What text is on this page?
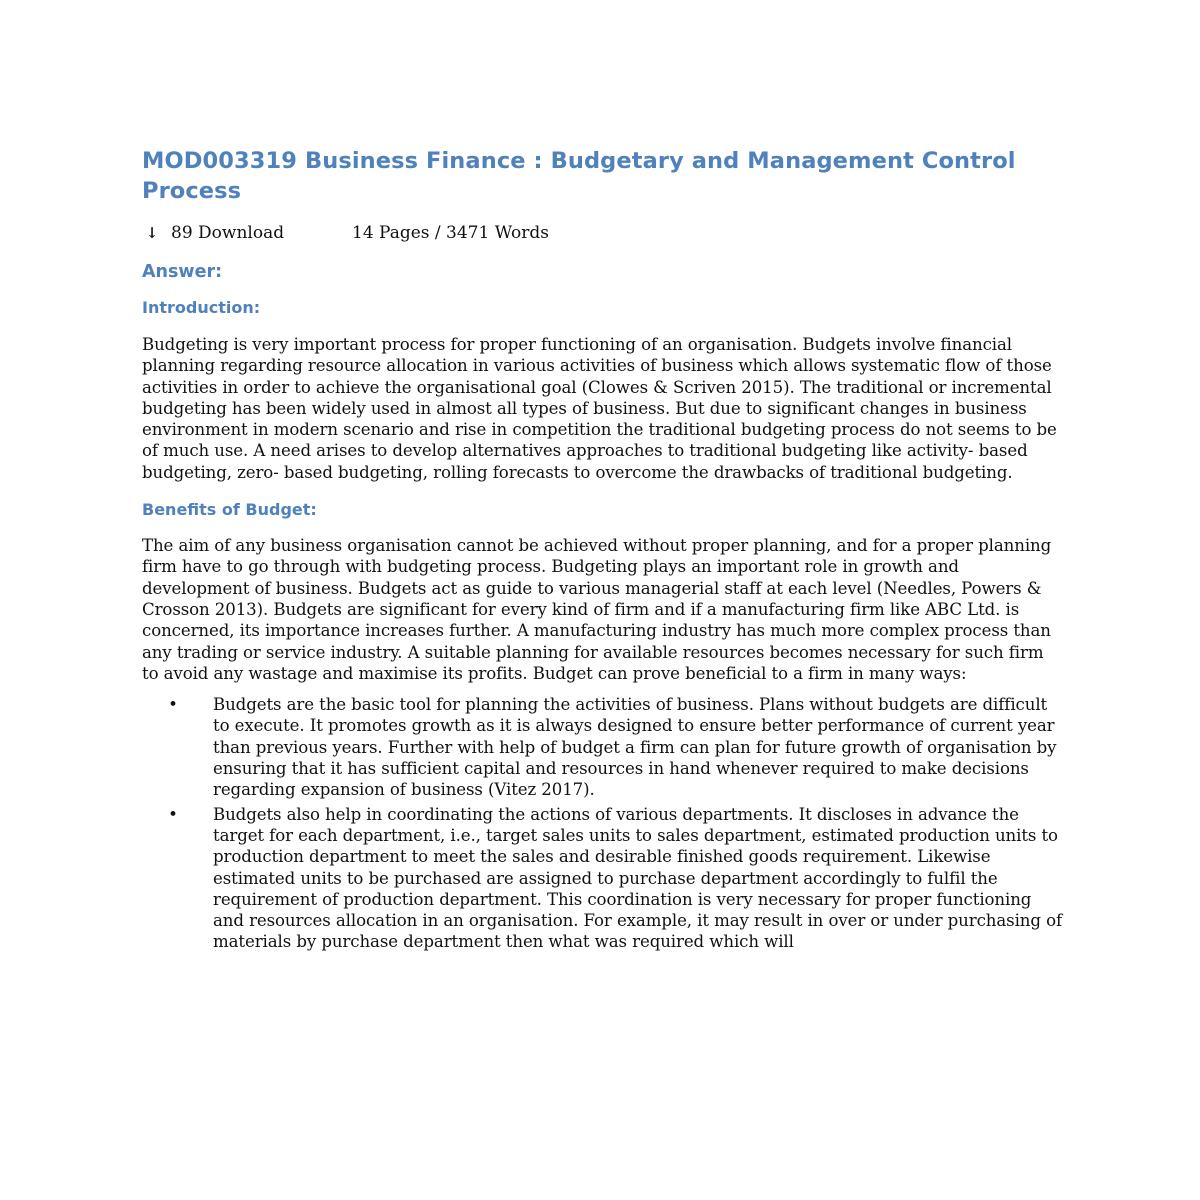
MOD003319 Business Finance : Budgetary and Management Control Process
↓ 89 Download	14 Pages / 3471 Words
Answer:
Introduction:

Budgeting is very important process for proper functioning of an organisation. Budgets involve financial planning regarding resource allocation in various activities of business which allows systematic flow of those activities in order to achieve the organisational goal (Clowes & Scriven 2015). The traditional or incremental budgeting has been widely used in almost all types of business. But due to significant changes in business environment in modern scenario and rise in competition the traditional budgeting process do not seems to be of much use. A need arises to develop alternatives approaches to traditional budgeting like activity- based budgeting, zero- based budgeting, rolling forecasts to overcome the drawbacks of traditional budgeting.

Benefits of Budget:

The aim of any business organisation cannot be achieved without proper planning, and for a proper planning firm have to go through with budgeting process. Budgeting plays an important role in growth and development of business. Budgets act as guide to various managerial staff at each level (Needles, Powers & Crosson 2013). Budgets are significant for every kind of firm and if a manufacturing firm like ABC Ltd. is concerned, its importance increases further. A manufacturing industry has much more complex process than any trading or service industry. A suitable planning for available resources becomes necessary for such firm to avoid any wastage and maximise its profits. Budget can prove beneficial to a firm in many ways:

• Budgets are the basic tool for planning the activities of business. Plans without budgets are difficult to execute. It promotes growth as it is always designed to ensure better performance of current year than previous years. Further with help of budget a firm can plan for future growth of organisation by ensuring that it has sufficient capital and resources in hand whenever required to make decisions regarding expansion of business (Vitez 2017).
• Budgets also help in coordinating the actions of various departments. It discloses in advance the target for each department, i.e., target sales units to sales department, estimated production units to production department to meet the sales and desirable finished goods requirement. Likewise estimated units to be purchased are assigned to purchase department accordingly to fulfil the requirement of production department. This coordination is very necessary for proper functioning and resources allocation in an organisation. For example, it may result in over or under purchasing of materials by purchase department then what was required which will
